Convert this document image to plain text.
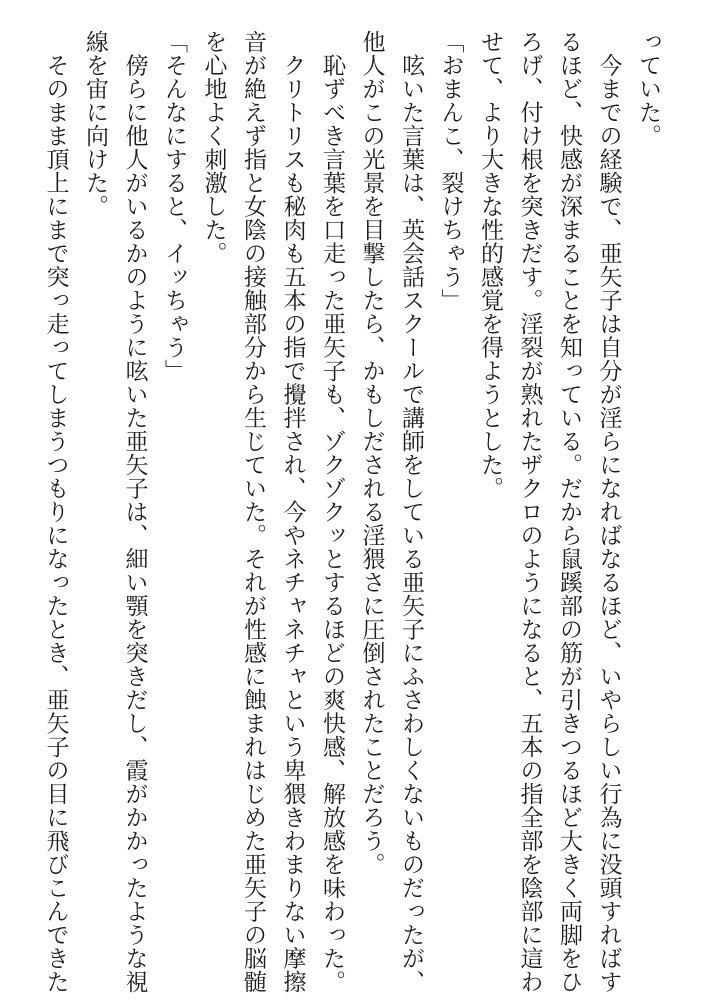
っていた。
　今までの経験で、亜矢子は自分が淫らになればなるほど、いやらしい行為に没頭すればす
るほど、快感が深まることを知っている。だから鼠蹊部の筋が引きつるほど大きく両脚をひ
ろげ、付け根を突きだす。淫裂が熟れたザクロのようになると、五本の指全部を陰部に這わ
せて、より大きな性的感覚を得ようとした。
「おまんこ、裂けちゃう」
　呟いた言葉は、英会話スクールで講師をしている亜矢子にふさわしくないものだったが、
他人がこの光景を目撃したら、かもしだされる淫猥さに圧倒されたことだろう。
　恥ずべき言葉を口走った亜矢子も、ゾクゾクッとするほどの爽快感、解放感を味わった。
　クリトリスも秘肉も五本の指で攪拌され、今やネチャネチャという卑猥きわまりない摩擦
音が絶えず指と女陰の接触部分から生じていた。それが性感に蝕まれはじめた亜矢子の脳髄
を心地よく刺激した。
「そんなにすると、イッちゃう」
　傍らに他人がいるかのように呟いた亜矢子は、細い顎を突きだし、霞がかかったような視
線を宙に向けた。
　そのまま頂上にまで突っ走ってしまうつもりになったとき、亜矢子の目に飛びこんできた
